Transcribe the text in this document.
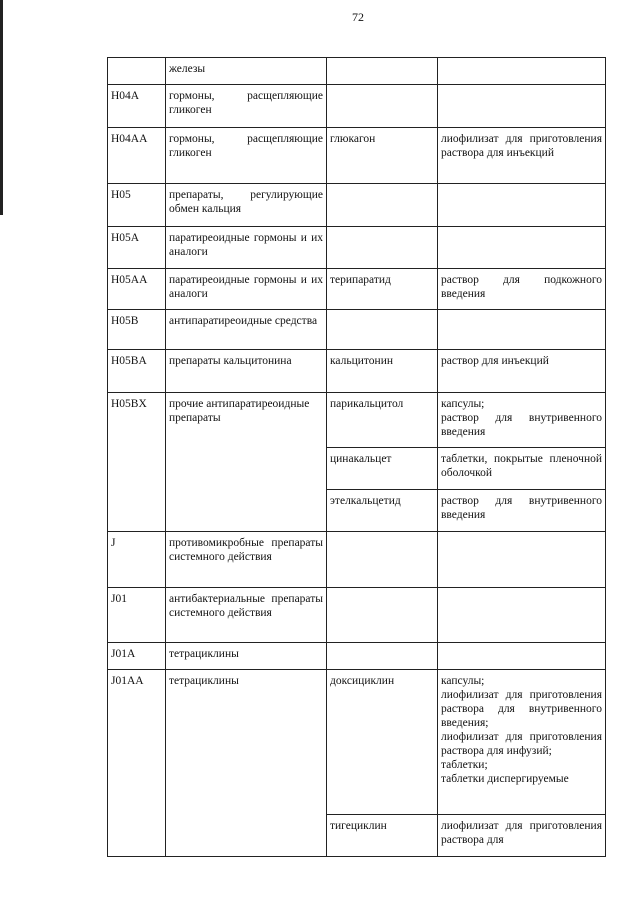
72
	железы		
H04A	гормоны, расщепляющие гликоген		
H04AA	гормоны, расщепляющие гликоген	глюкагон	лиофилизат для приготовления раствора для инъекций
H05	препараты, регулирующие обмен кальция		
H05A	паратиреоидные гормоны и их аналоги		
H05AA	паратиреоидные гормоны и их аналоги	терипаратид	раствор для подкожного введения
H05B	антипаратиреоидные средства		
H05BA	препараты кальцитонина	кальцитонин	раствор для инъекций
H05BX	прочие антипаратиреоидные препараты	парикальцитол	капсулы;
раствор для внутривенного введения

		цинакальцет	таблетки, покрытые пленочной оболочкой
		этелкальцетид	раствор для внутривенного введения
J	противомикробные препараты системного действия		
J01	антибактериальные препараты системного действия		
J01A	тетрациклины		
J01AA	тетрациклины	доксициклин	капсулы;
лиофилизат для приготовления раствора для внутривенного введения;
лиофилизат для приготовления раствора для инфузий;
таблетки;
таблетки диспергируемые

		тигециклин	лиофилизат для приготовления раствора для
